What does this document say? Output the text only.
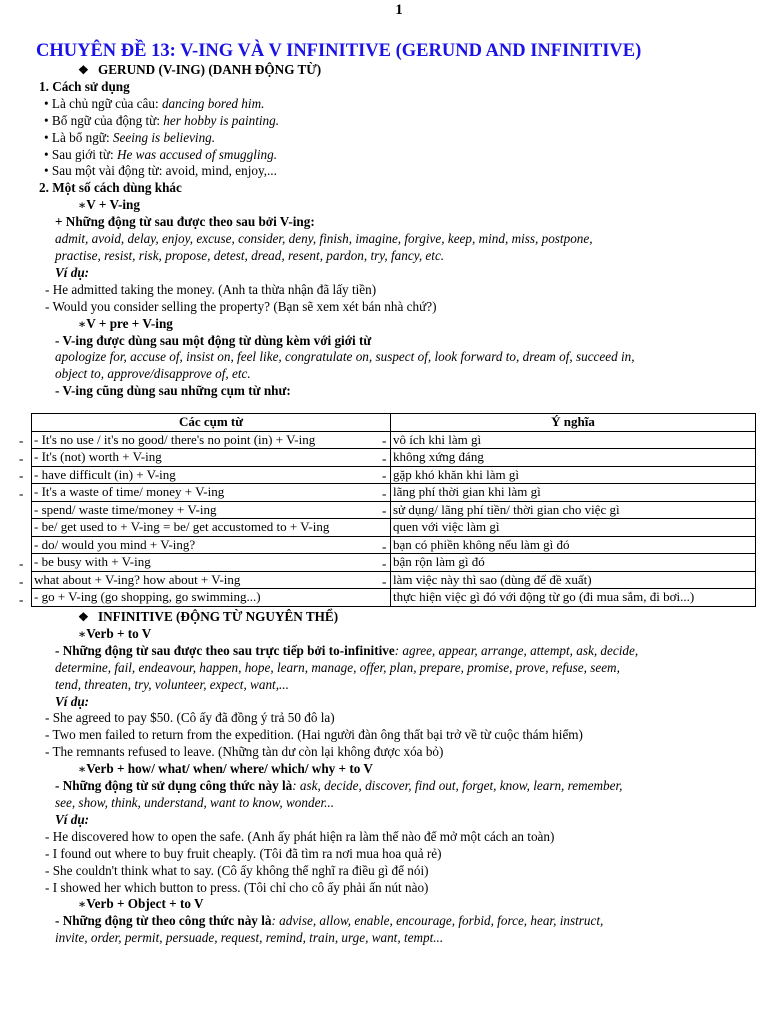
1
CHUYÊN ĐỀ 13: V-ING VÀ V INFINITIVE (GERUND AND INFINITIVE)
❖ GERUND (V-ING) (DANH ĐỘNG TỪ)
1. Cách sử dụng
• Là chủ ngữ của câu: dancing bored him.
• Bổ ngữ của động từ: her hobby is painting.
• Là bổ ngữ: Seeing is believing.
• Sau giới từ: He was accused of smuggling.
• Sau một vài động từ: avoid, mind, enjoy,...
2. Một số cách dùng khác
∗V + V-ing
+ Những động từ sau được theo sau bởi V-ing:
admit, avoid, delay, enjoy, excuse, consider, deny, finish, imagine, forgive, keep, mind, miss, postpone,
practise, resist, risk, propose, detest, dread, resent, pardon, try, fancy, etc.
Ví dụ:
- He admitted taking the money. (Anh ta thừa nhận đã lấy tiền)
- Would you consider selling the property? (Bạn sẽ xem xét bán nhà chứ?)
∗V + pre + V-ing
- V-ing được dùng sau một động từ dùng kèm với giới từ
apologize for, accuse of, insist on, feel like, congratulate on, suspect of, look forward to, dream of, succeed in,
object to, approve/disapprove of, etc.
- V-ing cũng dùng sau những cụm từ như:
Các cụm từ	Ý nghĩa
- It's no use / it's no good/ there's no point (in) + V-ing	vô ích khi làm gì
- It's (not) worth + V-ing	không xứng đáng
- have difficult (in) + V-ing	gặp khó khăn khi làm gì
- It's a waste of time/ money + V-ing	lãng phí thời gian khi làm gì
- spend/ waste time/money + V-ing	sử dụng/ lãng phí tiền/ thời gian cho việc gì
- be/ get used to + V-ing = be/ get accustomed to + V-ing	quen với việc làm gì
- do/ would you mind + V-ing?	bạn có phiền không nếu làm gì đó
- be busy with + V-ing	bận rộn làm gì đó
what about + V-ing? how about + V-ing	làm việc này thì sao (dùng để đề xuất)
- go + V-ing (go shopping, go swimming...)	thực hiện việc gì đó với động từ go (đi mua sắm, đi bơi...)
-
-
-
-
-
-
-
-
-
-
-
-
-
-
-
❖ INFINITIVE (ĐỘNG TỪ NGUYÊN THỂ)
∗Verb + to V
- Những động từ sau được theo sau trực tiếp bởi to-infinitive: agree, appear, arrange, attempt, ask, decide,
determine, fail, endeavour, happen, hope, learn, manage, offer, plan, prepare, promise, prove, refuse, seem,
tend, threaten, try, volunteer, expect, want,...
Ví dụ:
- She agreed to pay $50. (Cô ấy đã đồng ý trả 50 đô la)
- Two men failed to return from the expedition. (Hai người đàn ông thất bại trở về từ cuộc thám hiểm)
- The remnants refused to leave. (Những tàn dư còn lại không được xóa bỏ)
∗Verb + how/ what/ when/ where/ which/ why + to V
- Những động từ sử dụng công thức này là: ask, decide, discover, find out, forget, know, learn, remember,
see, show, think, understand, want to know, wonder...
Ví dụ:
- He discovered how to open the safe. (Anh ấy phát hiện ra làm thế nào để mở một cách an toàn)
- I found out where to buy fruit cheaply. (Tôi đã tìm ra nơi mua hoa quả rẻ)
- She couldn't think what to say. (Cô ấy không thể nghĩ ra điều gì để nói)
- I showed her which button to press. (Tôi chỉ cho cô ấy phải ấn nút nào)
∗Verb + Object + to V
- Những động từ theo công thức này là: advise, allow, enable, encourage, forbid, force, hear, instruct,
invite, order, permit, persuade, request, remind, train, urge, want, tempt...
